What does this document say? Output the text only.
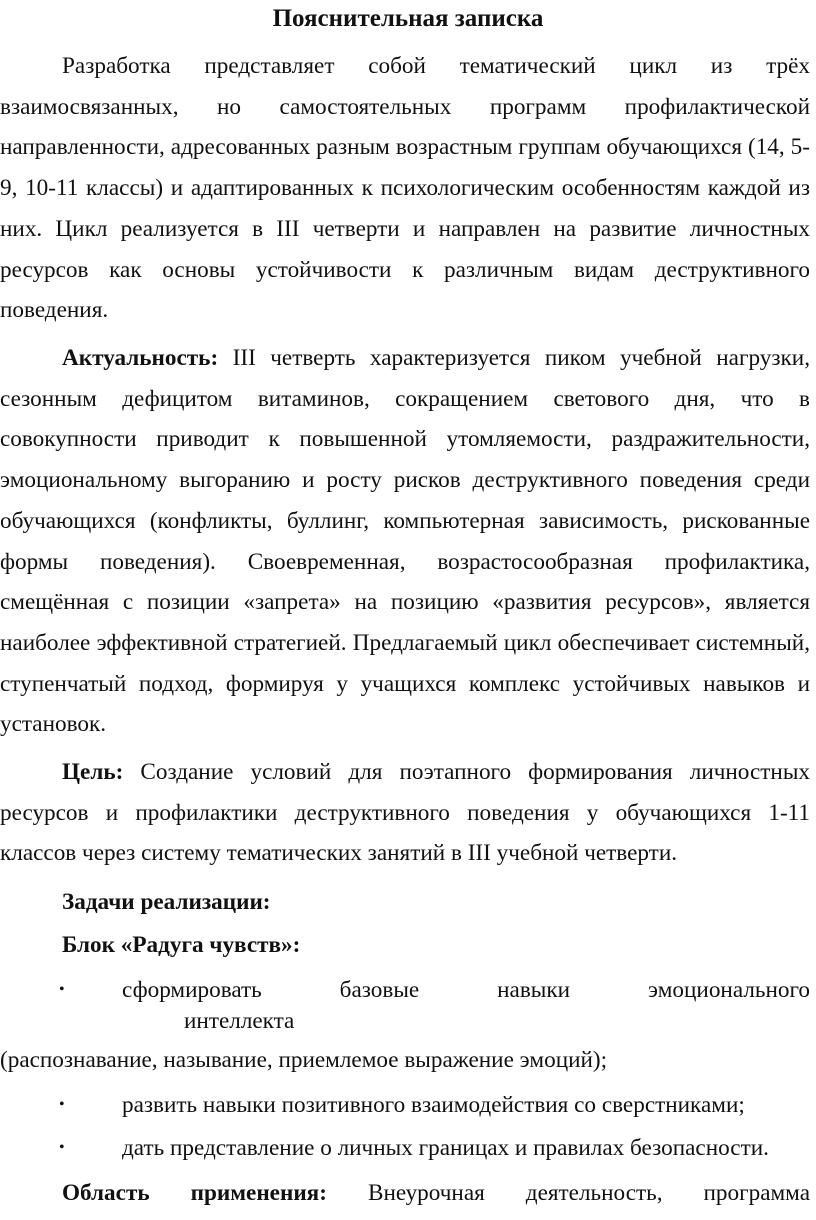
Пояснительная записка
Разработка представляет собой тематический цикл из трёх взаимосвязанных, но самостоятельных программ профилактической направленности, адресованных разным возрастным группам обучающихся (14, 5-9, 10-11 классы) и адаптированных к психологическим особенностям каждой из них. Цикл реализуется в III четверти и направлен на развитие личностных ресурсов как основы устойчивости к различным видам деструктивного поведения.
Актуальность: III четверть характеризуется пиком учебной нагрузки, сезонным дефицитом витаминов, сокращением светового дня, что в совокупности приводит к повышенной утомляемости, раздражительности, эмоциональному выгоранию и росту рисков деструктивного поведения среди обучающихся (конфликты, буллинг, компьютерная зависимость, рискованные формы поведения). Своевременная, возрастосообразная профилактика, смещённая с позиции «запрета» на позицию «развития ресурсов», является наиболее эффективной стратегией. Предлагаемый цикл обеспечивает системный, ступенчатый подход, формируя у учащихся комплекс устойчивых навыков и установок.
Цель: Создание условий для поэтапного формирования личностных ресурсов и профилактики деструктивного поведения у обучающихся 1-11 классов через систему тематических занятий в III учебной четверти.
Задачи реализации:
Блок «Радуга чувств»:
• сформировать базовые навыки эмоционального
интеллекта
(распознавание, называние, приемлемое выражение эмоций);
• развить навыки позитивного взаимодействия со сверстниками;
• дать представление о личных границах и правилах безопасности.
Область применения: Внеурочная деятельность, программа
